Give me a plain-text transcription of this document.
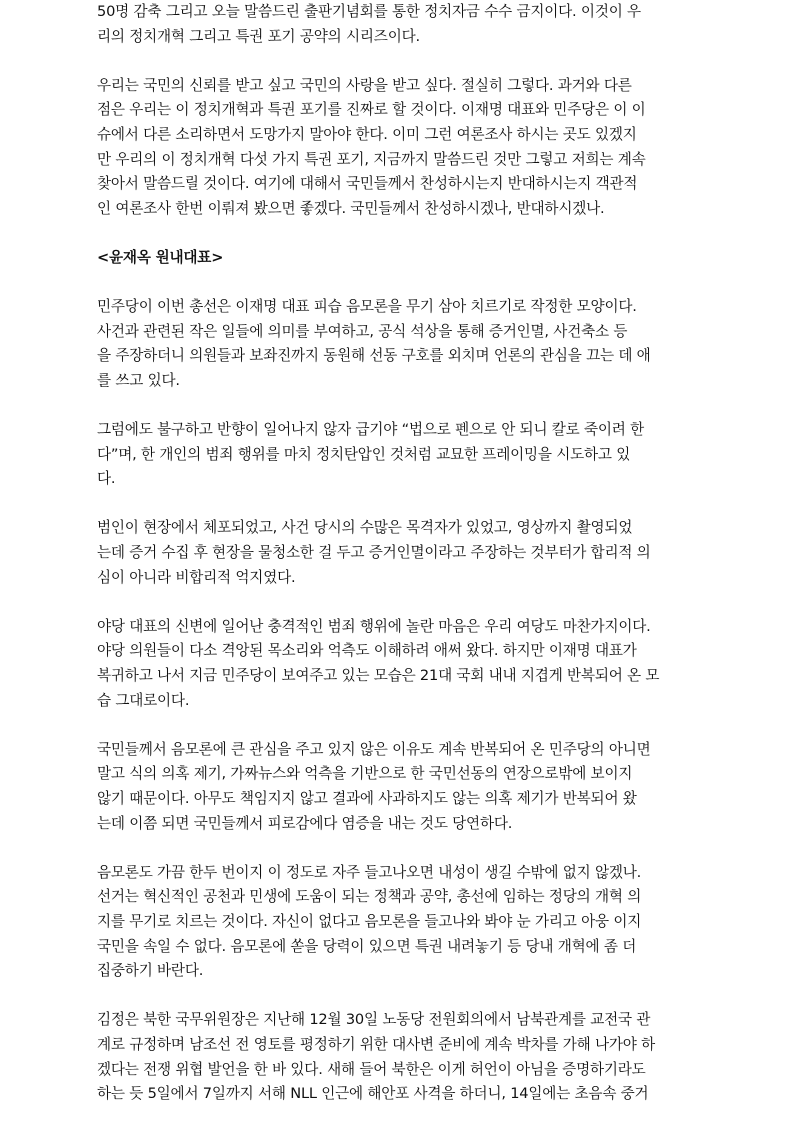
50명 감축 그리고 오늘 말씀드린 출판기념회를 통한 정치자금 수수 금지이다. 이것이 우
리의 정치개혁 그리고 특권 포기 공약의 시리즈이다.
우리는 국민의 신뢰를 받고 싶고 국민의 사랑을 받고 싶다. 절실히 그렇다. 과거와 다른
점은 우리는 이 정치개혁과 특권 포기를 진짜로 할 것이다. 이재명 대표와 민주당은 이 이
슈에서 다른 소리하면서 도망가지 말아야 한다. 이미 그런 여론조사 하시는 곳도 있겠지
만 우리의 이 정치개혁 다섯 가지 특권 포기, 지금까지 말씀드린 것만 그렇고 저희는 계속
찾아서 말씀드릴 것이다. 여기에 대해서 국민들께서 찬성하시는지 반대하시는지 객관적
인 여론조사 한번 이뤄져 봤으면 좋겠다. 국민들께서 찬성하시겠나, 반대하시겠나.
<윤재옥 원내대표>
민주당이 이번 총선은 이재명 대표 피습 음모론을 무기 삼아 치르기로 작정한 모양이다.
사건과 관련된 작은 일들에 의미를 부여하고, 공식 석상을 통해 증거인멸, 사건축소 등
을 주장하더니 의원들과 보좌진까지 동원해 선동 구호를 외치며 언론의 관심을 끄는 데 애
를 쓰고 있다.
그럼에도 불구하고 반향이 일어나지 않자 급기야 “법으로 펜으로 안 되니 칼로 죽이려 한
다”며, 한 개인의 범죄 행위를 마치 정치탄압인 것처럼 교묘한 프레이밍을 시도하고 있
다.
범인이 현장에서 체포되었고, 사건 당시의 수많은 목격자가 있었고, 영상까지 촬영되었
는데 증거 수집 후 현장을 물청소한 걸 두고 증거인멸이라고 주장하는 것부터가 합리적 의
심이 아니라 비합리적 억지였다.
야당 대표의 신변에 일어난 충격적인 범죄 행위에 놀란 마음은 우리 여당도 마찬가지이다.
야당 의원들이 다소 격앙된 목소리와 억측도 이해하려 애써 왔다. 하지만 이재명 대표가
복귀하고 나서 지금 민주당이 보여주고 있는 모습은 21대 국회 내내 지겹게 반복되어 온 모
습 그대로이다.
국민들께서 음모론에 큰 관심을 주고 있지 않은 이유도 계속 반복되어 온 민주당의 아니면
말고 식의 의혹 제기, 가짜뉴스와 억측을 기반으로 한 국민선동의 연장으로밖에 보이지
않기 때문이다. 아무도 책임지지 않고 결과에 사과하지도 않는 의혹 제기가 반복되어 왔
는데 이쯤 되면 국민들께서 피로감에다 염증을 내는 것도 당연하다.
음모론도 가끔 한두 번이지 이 정도로 자주 들고나오면 내성이 생길 수밖에 없지 않겠나.
선거는 혁신적인 공천과 민생에 도움이 되는 정책과 공약, 총선에 임하는 정당의 개혁 의
지를 무기로 치르는 것이다. 자신이 없다고 음모론을 들고나와 봐야 눈 가리고 아웅 이지
국민을 속일 수 없다. 음모론에 쏟을 당력이 있으면 특권 내려놓기 등 당내 개혁에 좀 더
집중하기 바란다.
김정은 북한 국무위원장은 지난해 12월 30일 노동당 전원회의에서 남북관계를 교전국 관
계로 규정하며 남조선 전 영토를 평정하기 위한 대사변 준비에 계속 박차를 가해 나가야 하
겠다는 전쟁 위협 발언을 한 바 있다. 새해 들어 북한은 이게 허언이 아님을 증명하기라도
하는 듯 5일에서 7일까지 서해 NLL 인근에 해안포 사격을 하더니, 14일에는 초음속 중거
